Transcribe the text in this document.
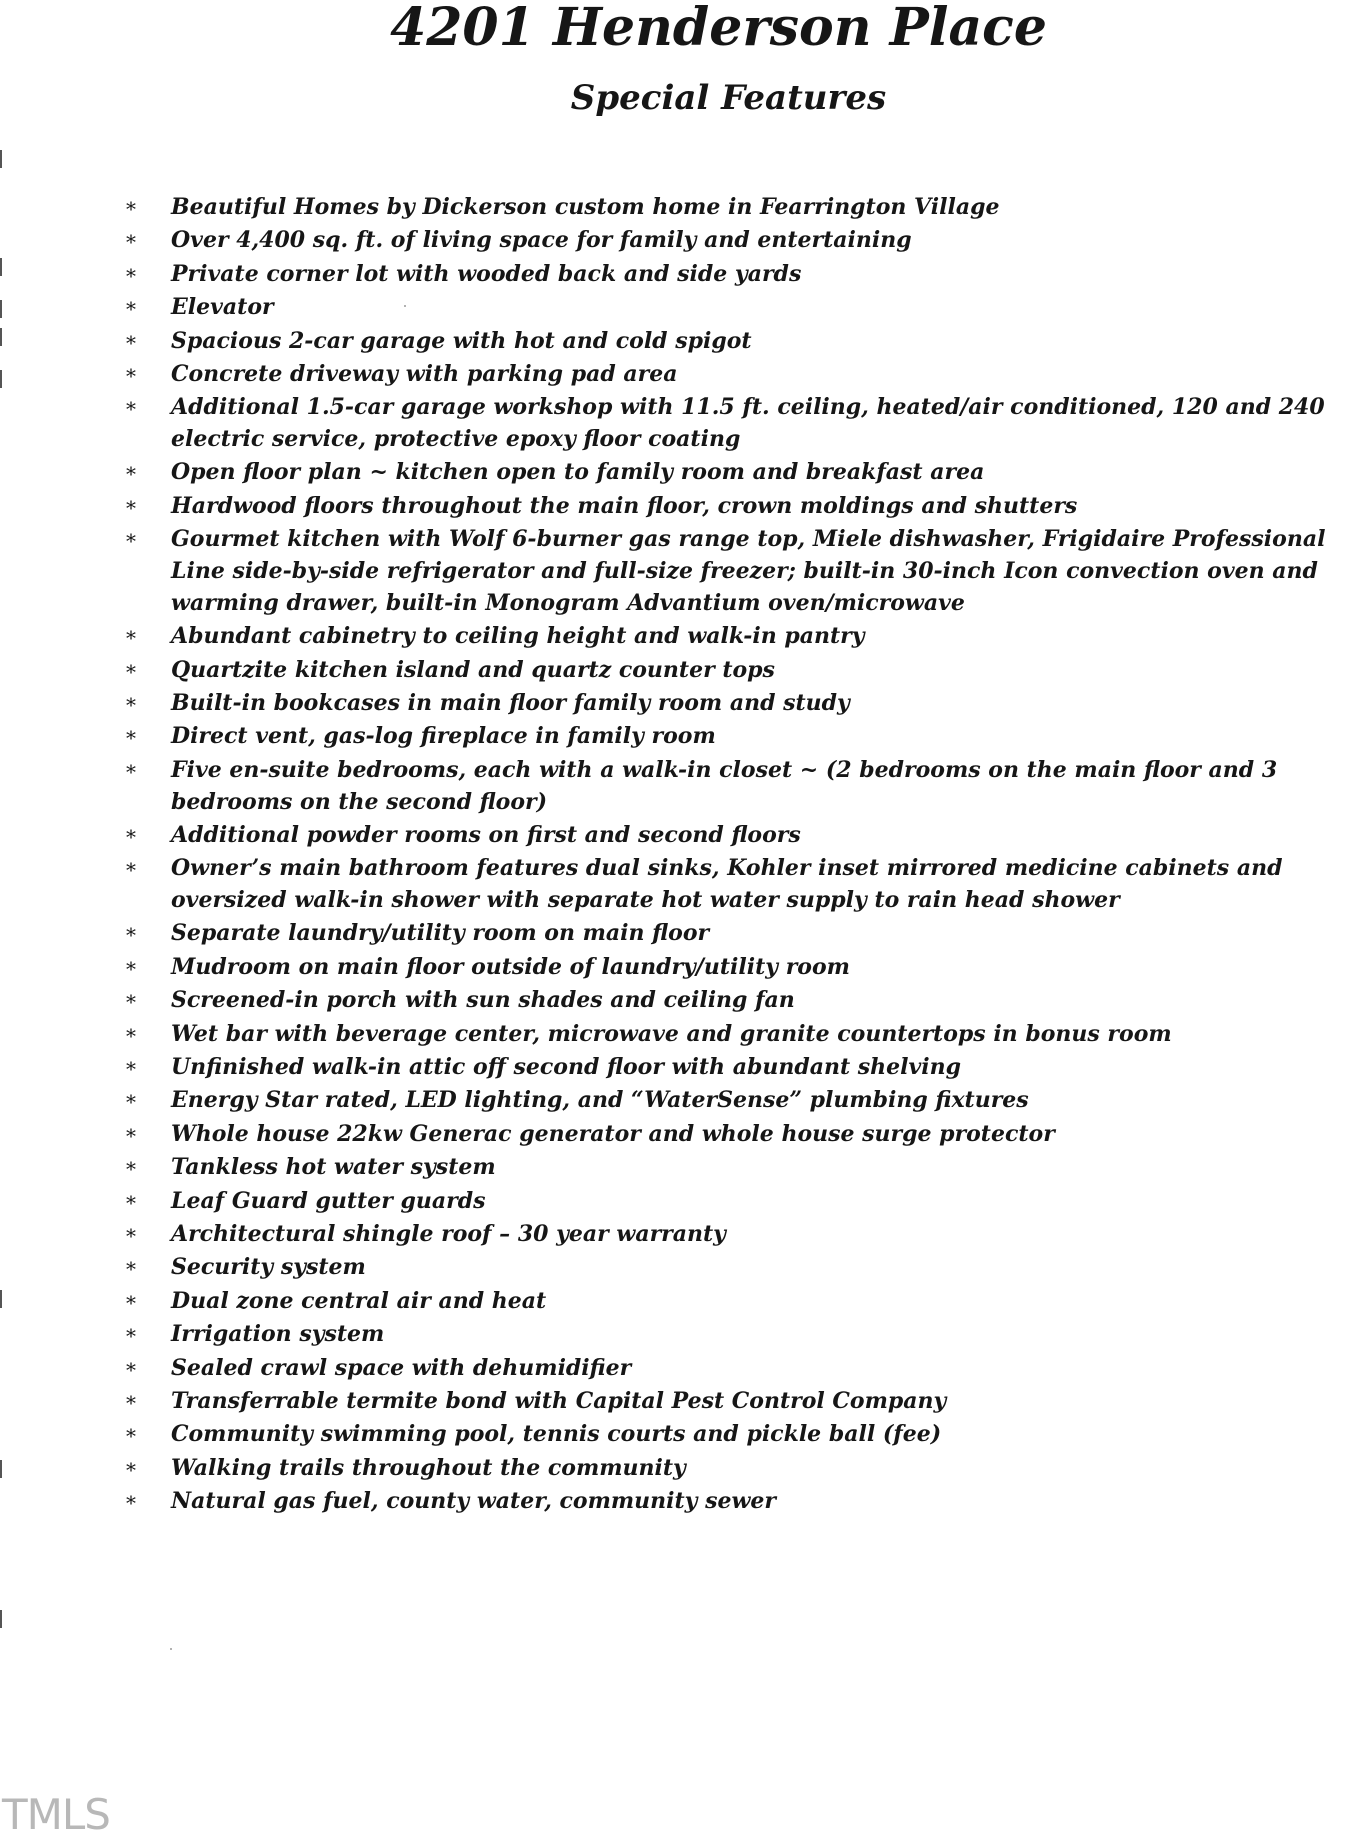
4201 Henderson Place
Special Features
* Beautiful Homes by Dickerson custom home in Fearrington Village
* Over 4,400 sq. ft. of living space for family and entertaining
* Private corner lot with wooded back and side yards
* Elevator
* Spacious 2-car garage with hot and cold spigot
* Concrete driveway with parking pad area
* Additional 1.5-car garage workshop with 11.5 ft. ceiling, heated/air conditioned, 120 and 240 electric service, protective epoxy floor coating
* Open floor plan ~ kitchen open to family room and breakfast area
* Hardwood floors throughout the main floor, crown moldings and shutters
* Gourmet kitchen with Wolf 6-burner gas range top, Miele dishwasher, Frigidaire Professional Line side-by-side refrigerator and full-size freezer; built-in 30-inch Icon convection oven and warming drawer, built-in Monogram Advantium oven/microwave
* Abundant cabinetry to ceiling height and walk-in pantry
* Quartzite kitchen island and quartz counter tops
* Built-in bookcases in main floor family room and study
* Direct vent, gas-log fireplace in family room
* Five en-suite bedrooms, each with a walk-in closet ~ (2 bedrooms on the main floor and 3 bedrooms on the second floor)
* Additional powder rooms on first and second floors
* Owner’s main bathroom features dual sinks, Kohler inset mirrored medicine cabinets and oversized walk-in shower with separate hot water supply to rain head shower
* Separate laundry/utility room on main floor
* Mudroom on main floor outside of laundry/utility room
* Screened-in porch with sun shades and ceiling fan
* Wet bar with beverage center, microwave and granite countertops in bonus room
* Unfinished walk-in attic off second floor with abundant shelving
* Energy Star rated, LED lighting, and “WaterSense” plumbing fixtures
* Whole house 22kw Generac generator and whole house surge protector
* Tankless hot water system
* Leaf Guard gutter guards
* Architectural shingle roof – 30 year warranty
* Security system
* Dual zone central air and heat
* Irrigation system
* Sealed crawl space with dehumidifier
* Transferrable termite bond with Capital Pest Control Company
* Community swimming pool, tennis courts and pickle ball (fee)
* Walking trails throughout the community
* Natural gas fuel, county water, community sewer
TMLS
